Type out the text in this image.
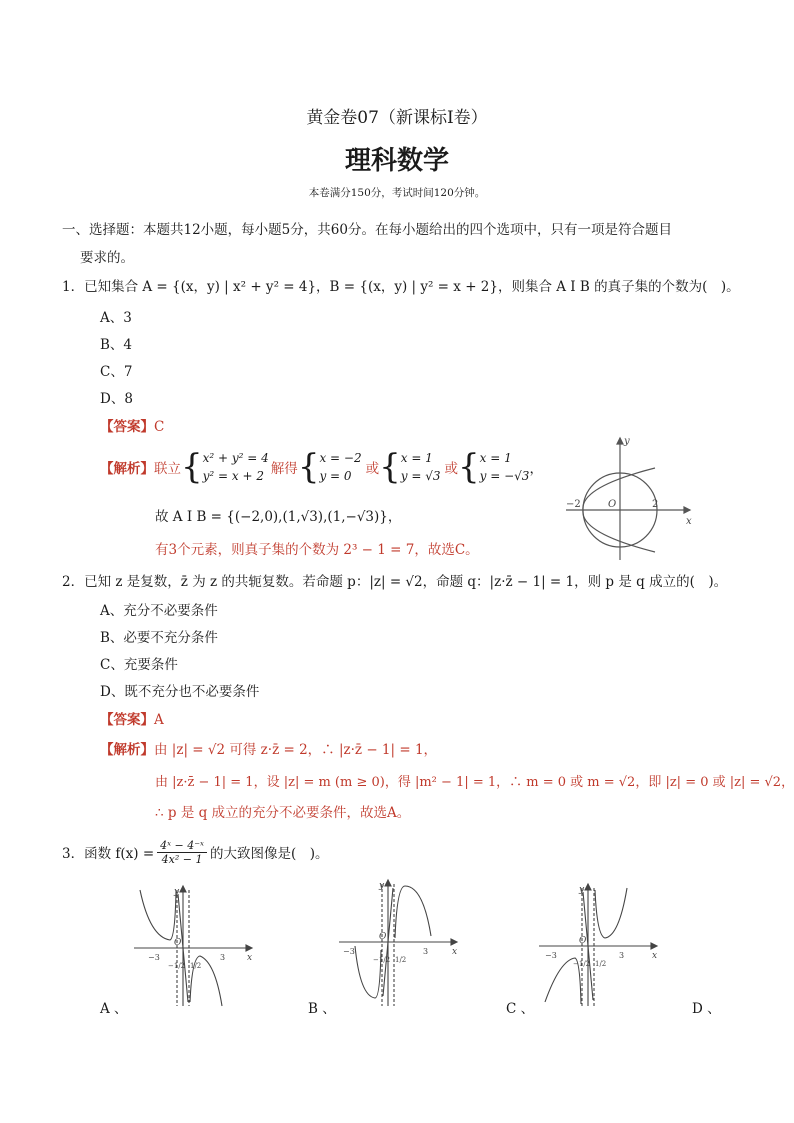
黄金卷07（新课标Ⅰ卷）
理科数学
本卷满分150分，考试时间120分钟。
一、选择题：本题共12小题，每小题5分，共60分。在每小题给出的四个选项中，只有一项是符合题目
要求的。
1．已知集合 A = {(x，y) | x² + y² = 4}，B = {(x，y) | y² = x + 2}，则集合 A I B 的真子集的个数为(　)。
A、3
B、4
C、7
D、8
【答案】C
【解析】 联立 { x² + y² = 4
y² = x + 2 解得 { x = −2
y = 0	或 { x = 1
y = √3 或 { x = 1
y = −√3 ，
故 A I B = {(−2,0),(1,√3),(1,−√3)}，
有3个元素，则真子集的个数为 2³ − 1 = 7，故选C。
y
x
−2	O	2
2．已知 z 是复数，z̄ 为 z 的共轭复数。若命题 p：|z| = √2，命题 q：|z·z̄ − 1| = 1，则 p 是 q 成立的(　)。
A、充分不必要条件
B、必要不充分条件
C、充要条件
D、既不充分也不必要条件
【答案】A
【解析】由 |z| = √2 可得 z·z̄ = 2，∴ |z·z̄ − 1| = 1，
由 |z·z̄ − 1| = 1，设 |z| = m (m ≥ 0)，得 |m² − 1| = 1，∴ m = 0 或 m = √2，即 |z| = 0 或 |z| = √2，
∴ p 是 q 成立的充分不必要条件，故选A。
3．函数 $f(x) = \frac{\text{4ˣ − 4⁻ˣ}}{\text{4x² − 1}}$ 的大致图像是(　)。
y
x
O
−3	3
−1/2 1/2
y
x
O
−3	3
−1/2 1/2
y
x
O
−3	3
−1/2 1/2
A 、	B 、	C 、	D 、
